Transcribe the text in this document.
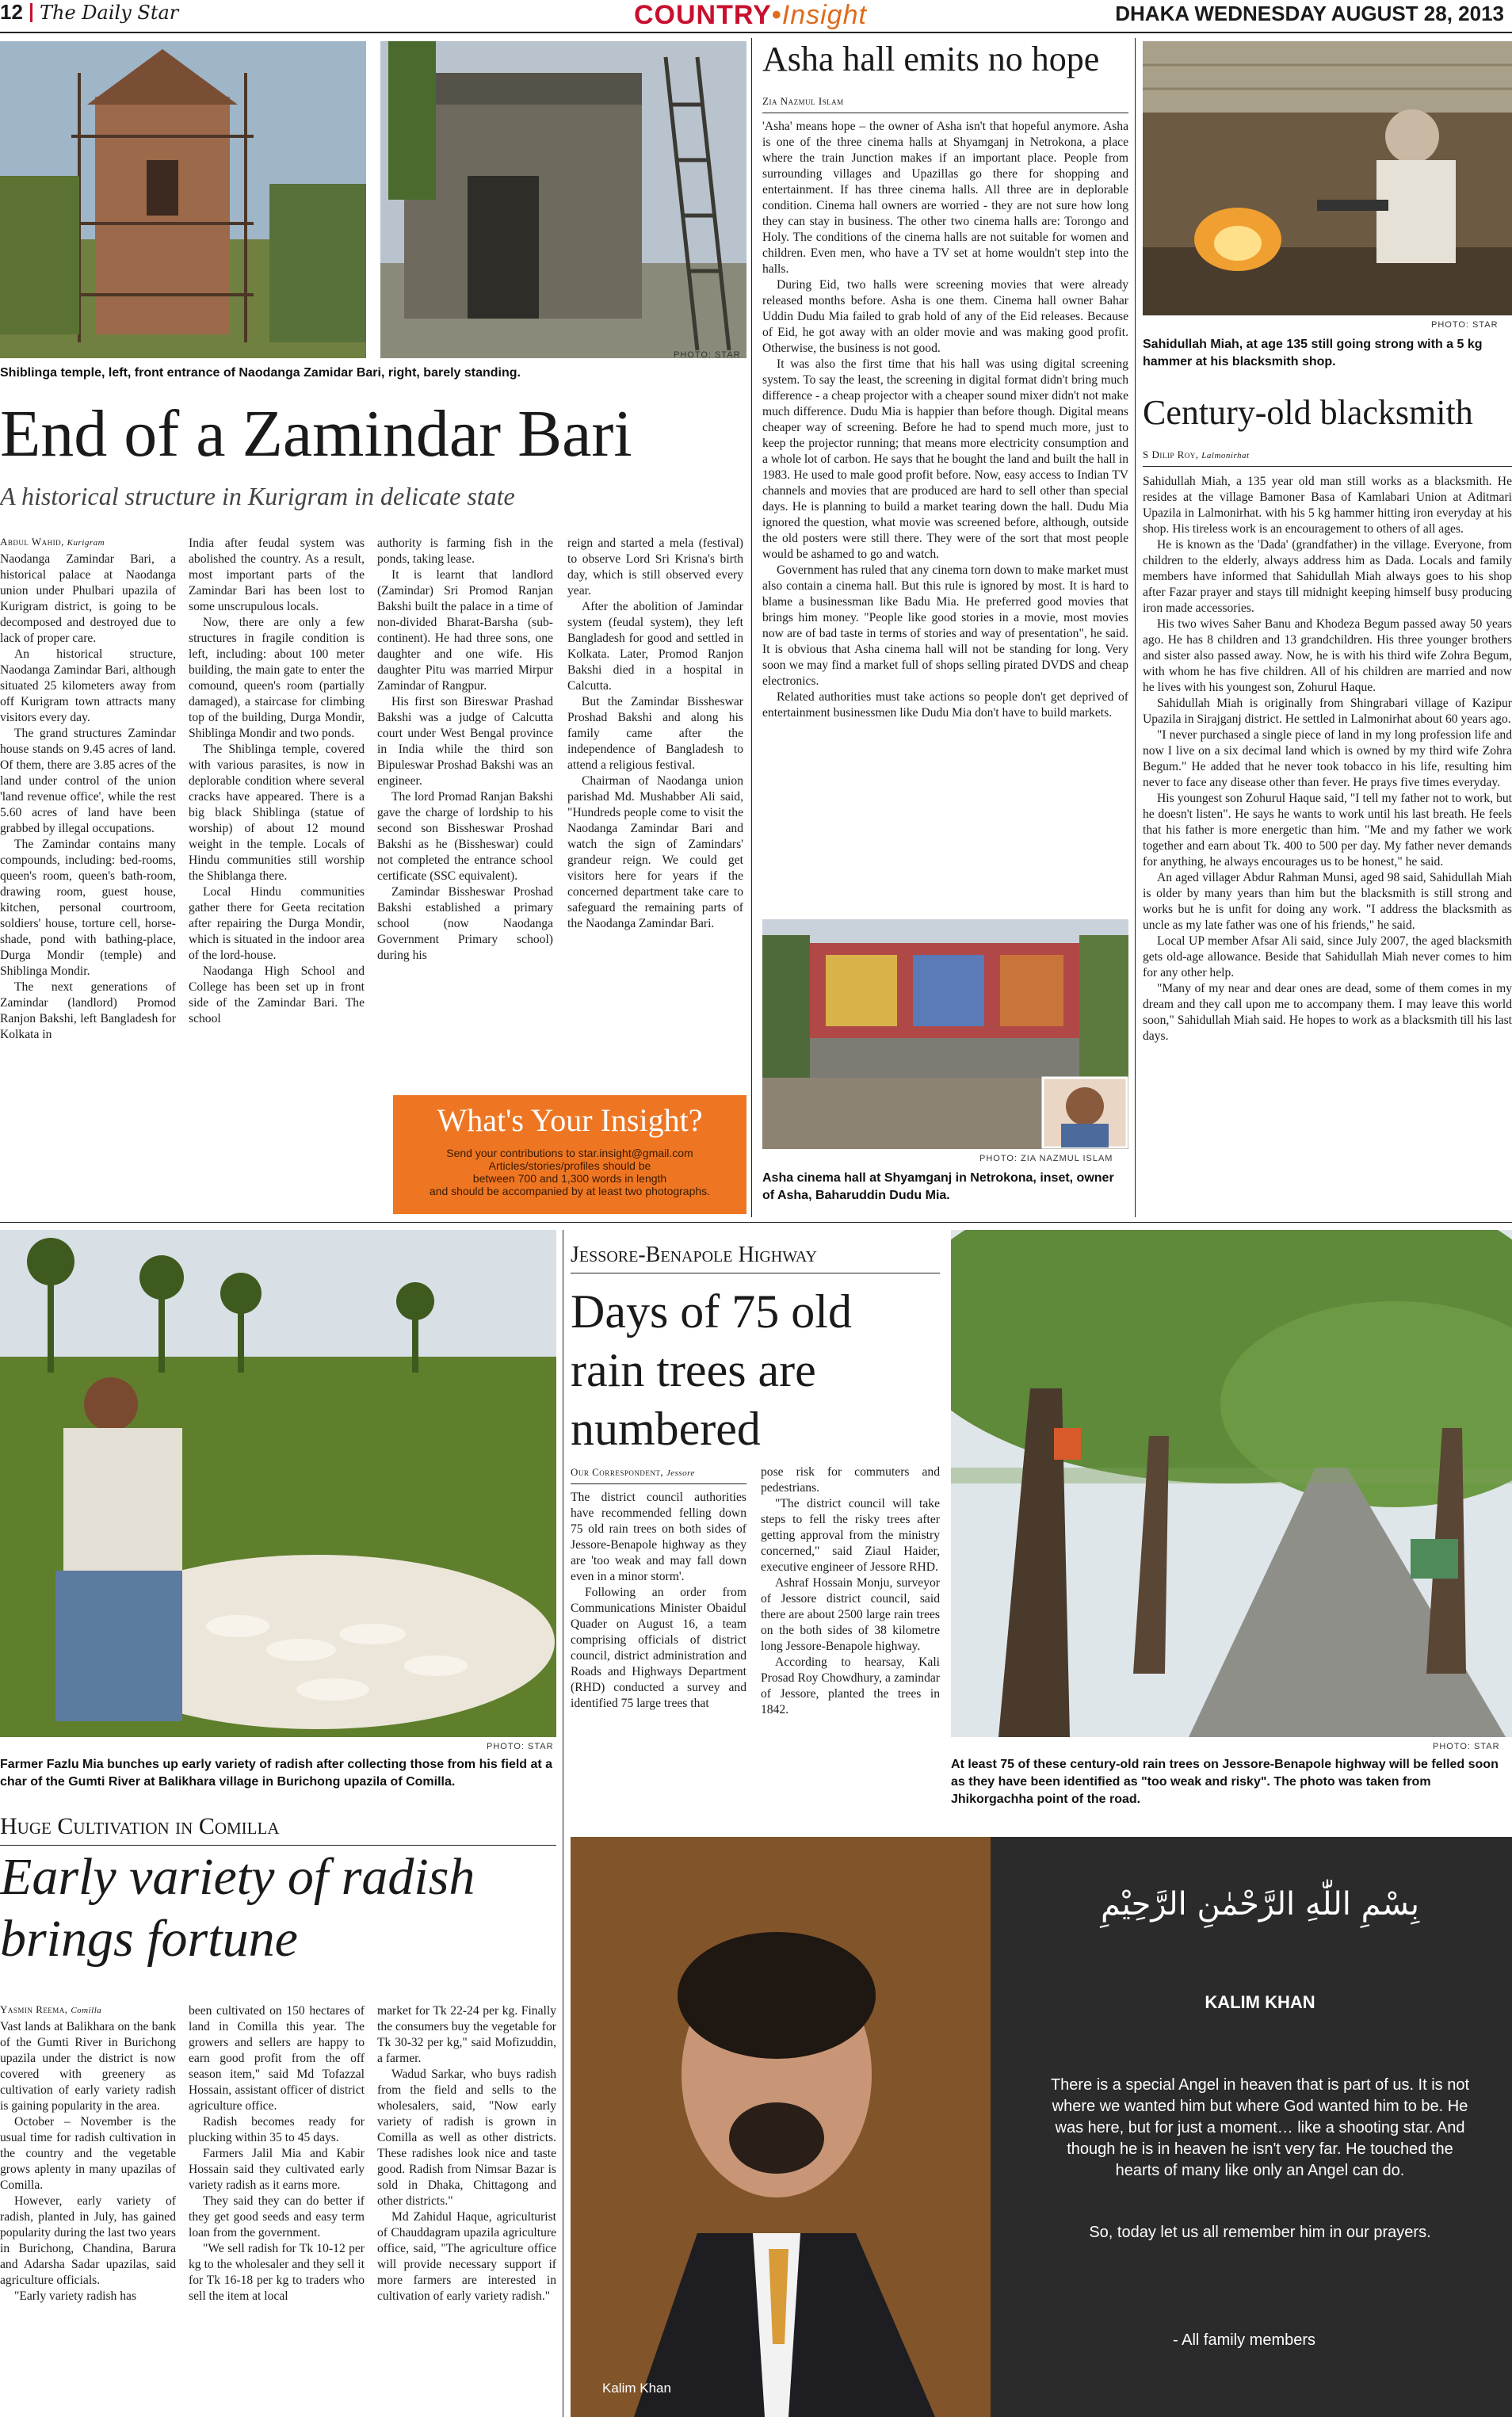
12 The Daily Star	COUNTRY•Insight	DHAKA WEDNESDAY AUGUST 28, 2013
PHOTO: STAR
Shiblinga temple, left, front entrance of Naodanga Zamidar Bari, right, barely standing.
End of a Zamindar Bari
A historical structure in Kurigram in delicate state
Abdul Wahid, Kurigram

Naodanga Zamindar Bari, a historical palace at Naodanga union under Phulbari upazila of Kurigram district, is going to be decomposed and destroyed due to lack of proper care.

An historical structure, Naodanga Zamindar Bari, although situated 25 kilometers away from off Kurigram town attracts many visitors every day.

The grand structures Zamindar house stands on 9.45 acres of land. Of them, there are 3.85 acres of the land under control of the union 'land revenue office', while the rest 5.60 acres of land have been grabbed by illegal occupations.

The Zamindar contains many compounds, including: bed-rooms, queen's room, queen's bath-room, drawing room, guest house, kitchen, personal courtroom, soldiers' house, torture cell, horse-shade, pond with bathing-place, Durga Mondir (temple) and Shiblinga Mondir.

The next generations of Zamindar (landlord) Promod Ranjon Bakshi, left Bangladesh for Kolkata in

India after feudal system was abolished the country. As a result, most important parts of the Zamindar Bari has been lost to some unscrupulous locals.

Now, there are only a few structures in fragile condition is left, including: about 100 meter building, the main gate to enter the comound, queen's room (partially damaged), a staircase for climbing top of the building, Durga Mondir, Shiblinga Mondir and two ponds.

The Shiblinga temple, covered with various parasites, is now in deplorable condition where several cracks have appeared. There is a big black Shiblinga (statue of worship) of about 12 mound weight in the temple. Locals of Hindu communities still worship the Shiblanga there.

Local Hindu communities gather there for Geeta recitation after repairing the Durga Mondir, which is situated in the indoor area of the lord-house.

Naodanga High School and College has been set up in front side of the Zamindar Bari. The school

authority is farming fish in the ponds, taking lease.

It is learnt that landlord (Zamindar) Sri Promod Ranjan Bakshi built the palace in a time of non-divided Bharat-Barsha (sub-continent). He had three sons, one daughter and one wife. His daughter Pitu was married Mirpur Zamindar of Rangpur.

His first son Bireswar Prashad Bakshi was a judge of Calcutta court under West Bengal province in India while the third son Bipuleswar Proshad Bakshi was an engineer.

The lord Promad Ranjan Bakshi gave the charge of lordship to his second son Bissheswar Proshad Bakshi as he (Bissheswar) could not completed the entrance school certificate (SSC equivalent).

Zamindar Bissheswar Proshad Bakshi established a primary school (now Naodanga Government Primary school) during his

reign and started a mela (festival) to observe Lord Sri Krisna's birth day, which is still observed every year.

After the abolition of Jamindar system (feudal system), they left Bangladesh for good and settled in Kolkata. Later, Promod Ranjon Bakshi died in a hospital in Calcutta.

But the Zamindar Bissheswar Proshad Bakshi and along his family came after the independence of Bangladesh to attend a religious festival.

Chairman of Naodanga union parishad Md. Mushabber Ali said, "Hundreds people come to visit the Naodanga Zamindar Bari and watch the sign of Zamindars' grandeur reign. We could get visitors here for years if the concerned department take care to safeguard the remaining parts of the Naodanga Zamindar Bari.

What's Your Insight?
Send your contributions to star.insight@gmail.com
Articles/stories/profiles should be
between 700 and 1,300 words in length
and should be accompanied by at least two photographs.
Asha hall emits no hope
Zia Nazmul Islam

'Asha' means hope – the owner of Asha isn't that hopeful anymore. Asha is one of the three cinema halls at Shyamganj in Netrokona, a place where the train Junction makes if an important place. People from surrounding villages and Upazillas go there for shopping and entertainment. If has three cinema halls. All three are in deplorable condition. Cinema hall owners are worried - they are not sure how long they can stay in business. The other two cinema halls are: Torongo and Holy. The conditions of the cinema halls are not suitable for women and children. Even men, who have a TV set at home wouldn't step into the halls.

During Eid, two halls were screening movies that were already released months before. Asha is one them. Cinema hall owner Bahar Uddin Dudu Mia failed to grab hold of any of the Eid releases. Because of Eid, he got away with an older movie and was making good profit. Otherwise, the business is not good.

It was also the first time that his hall was using digital screening system. To say the least, the screening in digital format didn't bring much difference - a cheap projector with a cheaper sound mixer didn't not make much difference. Dudu Mia is happier than before though. Digital means cheaper way of screening. Before he had to spend much more, just to keep the projector running; that means more electricity consumption and a whole lot of carbon. He says that he bought the land and built the hall in 1983. He used to male good profit before. Now, easy access to Indian TV channels and movies that are produced are hard to sell other than special days. He is planning to build a market tearing down the hall. Dudu Mia ignored the question, what movie was screened before, although, outside the old posters were still there. They were of the sort that most people would be ashamed to go and watch.

Government has ruled that any cinema torn down to make market must also contain a cinema hall. But this rule is ignored by most. It is hard to blame a businessman like Badu Mia. He preferred good movies that brings him money. "People like good stories in a movie, most movies now are of bad taste in terms of stories and way of presentation", he said. It is obvious that Asha cinema hall will not be standing for long. Very soon we may find a market full of shops selling pirated DVDS and cheap electronics.

Related authorities must take actions so people don't get deprived of entertainment businessmen like Dudu Mia don't have to build markets.

PHOTO: ZIA NAZMUL ISLAM
Asha cinema hall at Shyamganj in Netrokona, inset, owner of Asha, Baharuddin Dudu Mia.
PHOTO: STAR
Sahidullah Miah, at age 135 still going strong with a 5 kg hammer at his blacksmith shop.
Century-old blacksmith
S Dilip Roy, Lalmonirhat

Sahidullah Miah, a 135 year old man still works as a blacksmith. He resides at the village Bamoner Basa of Kamlabari Union at Aditmari Upazila in Lalmonirhat. with his 5 kg hammer hitting iron everyday at his shop. His tireless work is an encouragement to others of all ages.

He is known as the 'Dada' (grandfather) in the village. Everyone, from children to the elderly, always address him as Dada. Locals and family members have informed that Sahidullah Miah always goes to his shop after Fazar prayer and stays till midnight keeping himself busy producing iron made accessories.

His two wives Saher Banu and Khodeza Begum passed away 50 years ago. He has 8 children and 13 grandchildren. His three younger brothers and sister also passed away. Now, he is with his third wife Zohra Begum, with whom he has five children. All of his children are married and now he lives with his youngest son, Zohurul Haque.

Sahidullah Miah is originally from Shingrabari village of Kazipur Upazila in Sirajganj district. He settled in Lalmonirhat about 60 years ago.

"I never purchased a single piece of land in my long profession life and now I live on a six decimal land which is owned by my third wife Zohra Begum." He added that he never took tobacco in his life, resulting him never to face any disease other than fever. He prays five times everyday.

His youngest son Zohurul Haque said, "I tell my father not to work, but he doesn't listen". He says he wants to work until his last breath. He feels that his father is more energetic than him. "Me and my father we work together and earn about Tk. 400 to 500 per day. My father never demands for anything, he always encourages us to be honest," he said.

An aged villager Abdur Rahman Munsi, aged 98 said, Sahidullah Miah is older by many years than him but the blacksmith is still strong and works but he is unfit for doing any work. "I address the blacksmith as uncle as my late father was one of his friends," he said.

Local UP member Afsar Ali said, since July 2007, the aged blacksmith gets old-age allowance. Beside that Sahidullah Miah never comes to him for any other help.

"Many of my near and dear ones are dead, some of them comes in my dream and they call upon me to accompany them. I may leave this world soon," Sahidullah Miah said. He hopes to work as a blacksmith till his last days.

PHOTO: STAR
Farmer Fazlu Mia bunches up early variety of radish after collecting those from his field at a char of the Gumti River at Balikhara village in Burichong upazila of Comilla.
Huge Cultivation in Comilla
Early variety of radish brings fortune
Yasmin Reema, Comilla

Vast lands at Balikhara on the bank of the Gumti River in Burichong upazila under the district is now covered with greenery as cultivation of early variety radish is gaining popularity in the area.

October – November is the usual time for radish cultivation in the country and the vegetable grows aplenty in many upazilas of Comilla.

However, early variety of radish, planted in July, has gained popularity during the last two years in Burichong, Chandina, Barura and Adarsha Sadar upazilas, said agriculture officials.

"Early variety radish has

been cultivated on 150 hectares of land in Comilla this year. The growers and sellers are happy to earn good profit from the off season item," said Md Tofazzal Hossain, assistant officer of district agriculture office.

Radish becomes ready for plucking within 35 to 45 days.

Farmers Jalil Mia and Kabir Hossain said they cultivated early variety radish as it earns more.

They said they can do better if they get good seeds and easy term loan from the government.

"We sell radish for Tk 10-12 per kg to the wholesaler and they sell it for Tk 16-18 per kg to traders who sell the item at local

market for Tk 22-24 per kg. Finally the consumers buy the vegetable for Tk 30-32 per kg," said Mofizuddin, a farmer.

Wadud Sarkar, who buys radish from the field and sells to the wholesalers, said, "Now early variety of radish is grown in Comilla as well as other districts. These radishes look nice and taste good. Radish from Nimsar Bazar is sold in Dhaka, Chittagong and other districts."

Md Zahidul Haque, agriculturist of Chauddagram upazila agriculture office, said, "The agriculture office will provide necessary support if more farmers are interested in cultivation of early variety radish."

Jessore-Benapole Highway
Days of 75 old rain trees are numbered
Our Correspondent, Jessore

The district council authorities have recommended felling down 75 old rain trees on both sides of Jessore-Benapole highway as they are 'too weak and may fall down even in a minor storm'.

Following an order from Communications Minister Obaidul Quader on August 16, a team comprising officials of district council, district administration and Roads and Highways Department (RHD) conducted a survey and identified 75 large trees that

pose risk for commuters and pedestrians.

"The district council will take steps to fell the risky trees after getting approval from the ministry concerned," said Ziaul Haider, executive engineer of Jessore RHD.

Ashraf Hossain Monju, surveyor of Jessore district council, said there are about 2500 large rain trees on the both sides of 38 kilometre long Jessore-Benapole highway.

According to hearsay, Kali Prosad Roy Chowdhury, a zamindar of Jessore, planted the trees in 1842.

PHOTO: STAR
At least 75 of these century-old rain trees on Jessore-Benapole highway will be felled soon as they have been identified as "too weak and risky". The photo was taken from Jhikorgachha point of the road.
Kalim Khan
بِسْمِ اللّٰهِ الرَّحْمٰنِ الرَّحِيْمِ
KALIM KHAN
There is a special Angel in heaven that is part of us. It is not where we wanted him but where God wanted him to be. He was here, but for just a moment… like a shooting star. And though he is in heaven he isn't very far. He touched the hearts of many like only an Angel can do.
So, today let us all remember him in our prayers.
- All family members
